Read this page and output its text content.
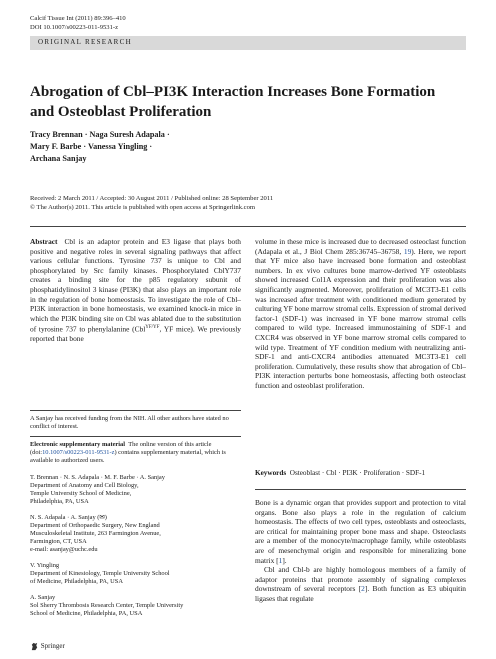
Calcif Tissue Int (2011) 89:396–410
DOI 10.1007/s00223-011-9531-z
ORIGINAL RESEARCH
Abrogation of Cbl–PI3K Interaction Increases Bone Formation
and Osteoblast Proliferation
Tracy Brennan · Naga Suresh Adapala ·
Mary F. Barbe · Vanessa Yingling ·
Archana Sanjay
Received: 2 March 2011 / Accepted: 30 August 2011 / Published online: 28 September 2011
© The Author(s) 2011. This article is published with open access at Springerlink.com

Abstract Cbl is an adaptor protein and E3 ligase that plays both positive and negative roles in several signaling pathways that affect various cellular functions. Tyrosine 737 is unique to Cbl and phosphorylated by Src family kinases. Phosphorylated CblY737 creates a binding site for the p85 regulatory subunit of phosphatidylinositol 3 kinase (PI3K) that also plays an important role in the regulation of bone homeostasis. To investigate the role of Cbl–PI3K interaction in bone homeostasis, we examined knock-in mice in which the PI3K binding site on Cbl was ablated due to the substitution of tyrosine 737 to phenylalanine (Cbl$^{YF/YF}$, YF mice). We previously reported that bone

A Sanjay has received funding from the NIH. All other authors have stated no conflict of interest.
Electronic supplementary material The online version of this article (doi:10.1007/s00223-011-9531-z) contains supplementary material, which is available to authorized users.
T. Brennan · N. S. Adapala · M. F. Barbe · A. Sanjay
Department of Anatomy and Cell Biology,
Temple University School of Medicine,
Philadelphia, PA, USA
N. S. Adapala · A. Sanjay (✉)
Department of Orthopaedic Surgery, New England
Musculoskeletal Institute, 263 Farmington Avenue,
Farmington, CT, USA
e-mail: asanjay@uchc.edu
V. Yingling
Department of Kinesiology, Temple University School
of Medicine, Philadelphia, PA, USA
A. Sanjay
Sol Sherry Thrombosis Research Center, Temple University
School of Medicine, Philadelphia, PA, USA

volume in these mice is increased due to decreased osteoclast function (Adapala et al., J Biol Chem 285:36745–36758, 19). Here, we report that YF mice also have increased bone formation and osteoblast numbers. In ex vivo cultures bone marrow-derived YF osteoblasts showed increased Col1A expression and their proliferation was also significantly augmented. Moreover, proliferation of MC3T3-E1 cells was increased after treatment with conditioned medium generated by culturing YF bone marrow stromal cells. Expression of stromal derived factor-1 (SDF-1) was increased in YF bone marrow stromal cells compared to wild type. Increased immunostaining of SDF-1 and CXCR4 was observed in YF bone marrow stromal cells compared to wild type. Treatment of YF condition medium with neutralizing anti-SDF-1 and anti-CXCR4 antibodies attenuated MC3T3-E1 cell proliferation. Cumulatively, these results show that abrogation of Cbl–PI3K interaction perturbs bone homeostasis, affecting both osteoclast function and osteoblast proliferation.

Keywords Osteoblast · Cbl · PI3K · Proliferation · SDF-1

Bone is a dynamic organ that provides support and protection to vital organs. Bone also plays a role in the regulation of calcium homeostasis. The effects of two cell types, osteoblasts and osteoclasts, are critical for maintaining proper bone mass and shape. Osteoclasts are a member of the monocyte/macrophage family, while osteoblasts are of mesenchymal origin and responsible for mineralizing bone matrix [1].

Cbl and Cbl-b are highly homologous members of a family of adaptor proteins that promote assembly of signaling complexes downstream of several receptors [2]. Both function as E3 ubiquitin ligases that regulate

Springer
